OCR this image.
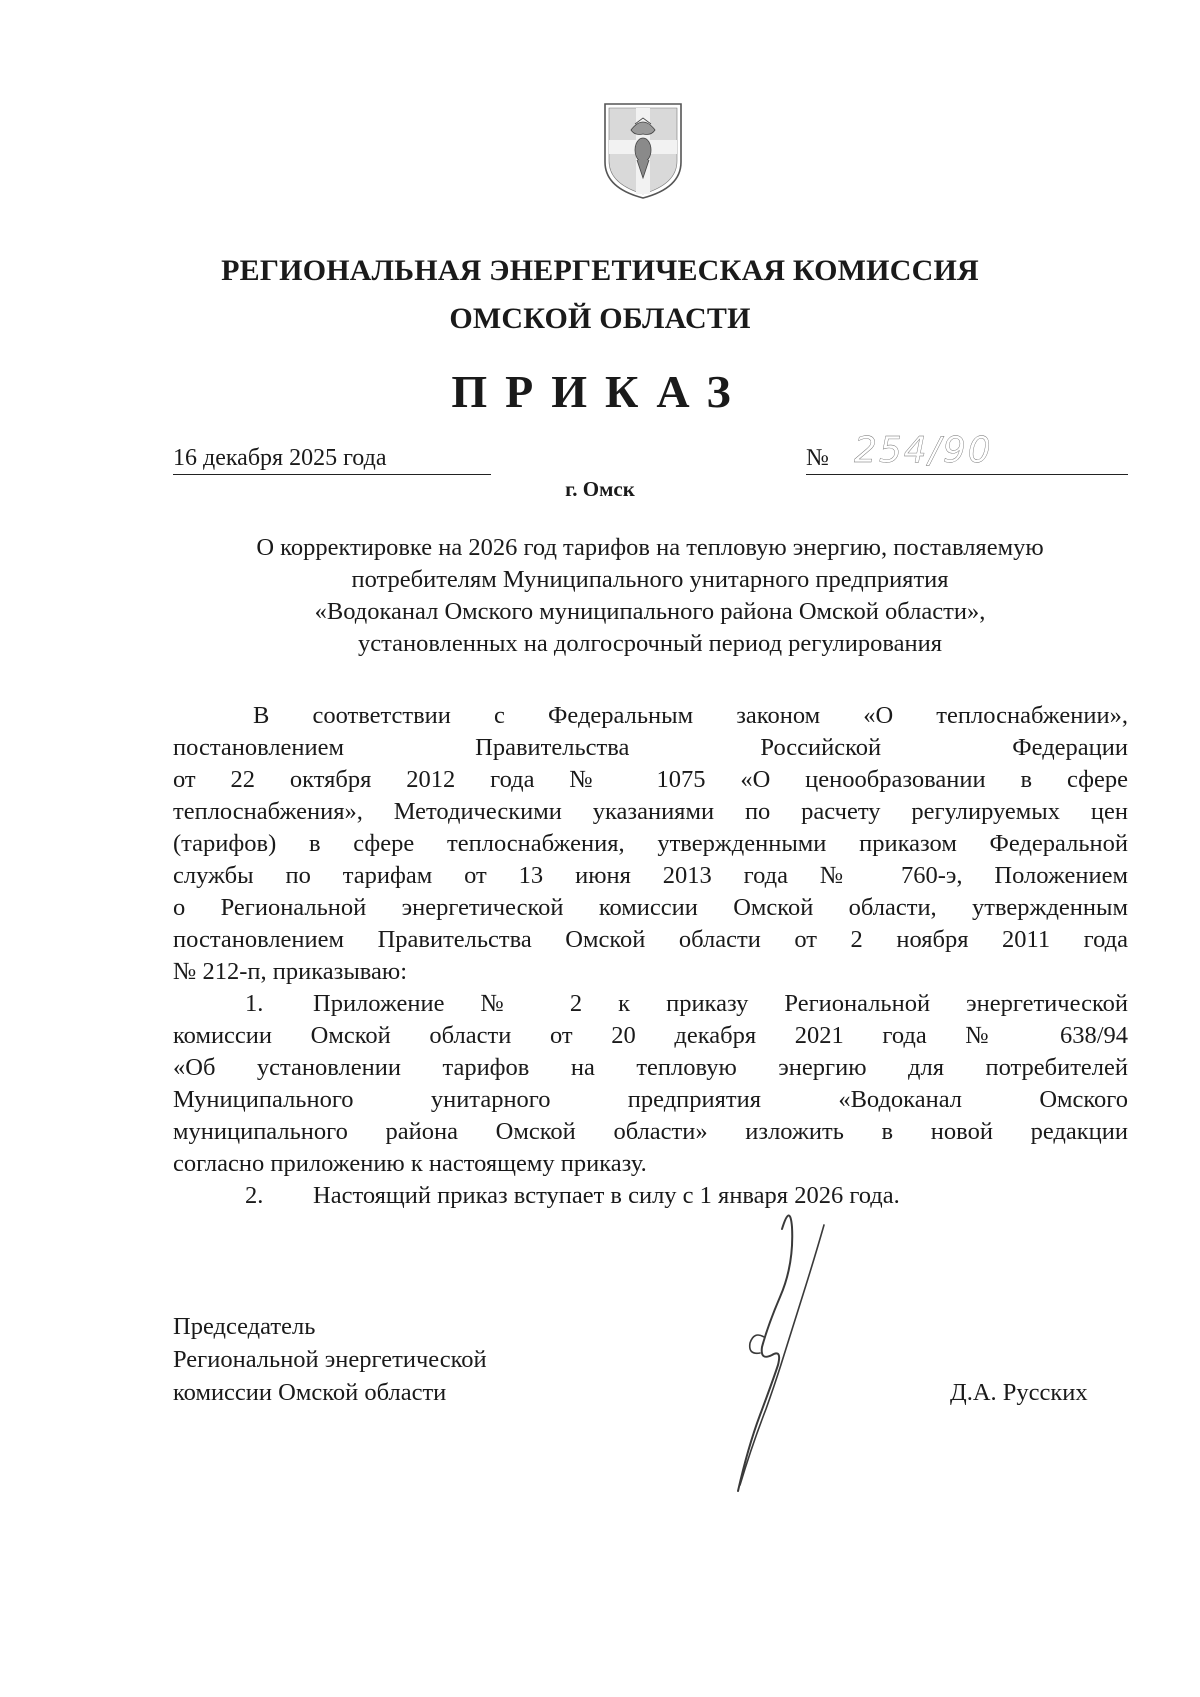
РЕГИОНАЛЬНАЯ ЭНЕРГЕТИЧЕСКАЯ КОМИССИЯ
ОМСКОЙ ОБЛАСТИ
ПРИКАЗ
16 декабря 2025 года	№ 254/90
г. Омск
О корректировке на 2026 год тарифов на тепловую энергию, поставляемую
потребителям Муниципального унитарного предприятия
«Водоканал Омского муниципального района Омской области»,
установленных на долгосрочный период регулирования

В соответствии с Федеральным законом «О теплоснабжении»,

постановлением Правительства Российской Федерации

от 22 октября 2012 года № 1075 «О ценообразовании в сфере

теплоснабжения», Методическими указаниями по расчету регулируемых цен

(тарифов) в сфере теплоснабжения, утвержденными приказом Федеральной

службы по тарифам от 13 июня 2013 года № 760-э, Положением

о Региональной энергетической комиссии Омской области, утвержденным

постановлением Правительства Омской области от 2 ноября 2011 года

№ 212-п, приказываю:

1. Приложение № 2 к приказу Региональной энергетической

комиссии Омской области от 20 декабря 2021 года № 638/94

«Об установлении тарифов на тепловую энергию для потребителей

Муниципального унитарного предприятия «Водоканал Омского

муниципального района Омской области» изложить в новой редакции

согласно приложению к настоящему приказу.

2. Настоящий приказ вступает в силу с 1 января 2026 года.

Председатель
Региональной энергетической
комиссии Омской области	Д.А. Русских
